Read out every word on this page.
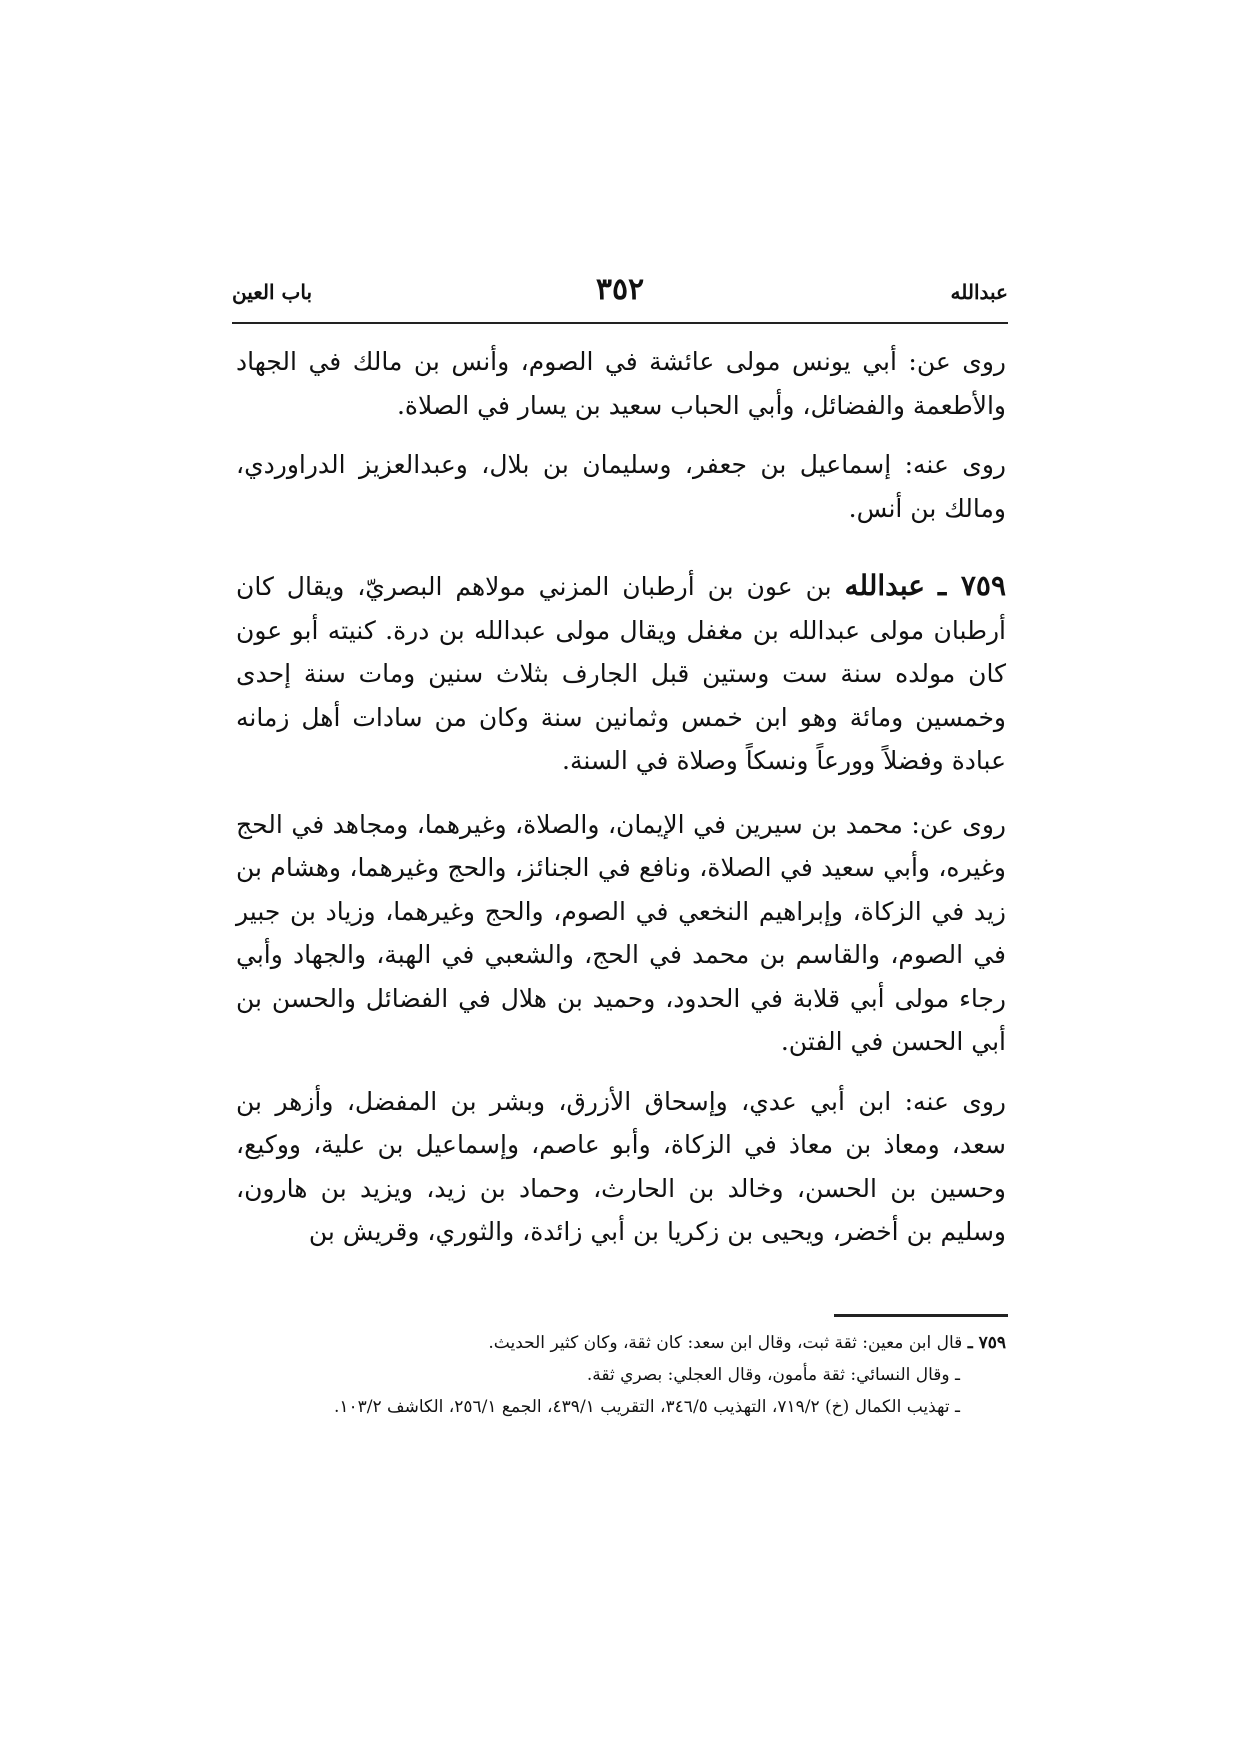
عبدالله
٣٥٢
باب العين

روى عن: أبي يونس مولى عائشة في الصوم، وأنس بن مالك في الجهاد والأطعمة والفضائل، وأبي الحباب سعيد بن يسار في الصلاة.

روى عنه: إسماعيل بن جعفر، وسليمان بن بلال، وعبدالعزيز الدراوردي، ومالك بن أنس.

٧٥٩ ـ عبدالله بن عون بن أرطبان المزني مولاهم البصريّ، ويقال كان أرطبان مولى عبدالله بن مغفل ويقال مولى عبدالله بن درة. كنيته أبو عون كان مولده سنة ست وستين قبل الجارف بثلاث سنين ومات سنة إحدى وخمسين ومائة وهو ابن خمس وثمانين سنة وكان من سادات أهل زمانه عبادة وفضلاً وورعاً ونسكاً وصلاة في السنة.

روى عن: محمد بن سيرين في الإيمان، والصلاة، وغيرهما، ومجاهد في الحج وغيره، وأبي سعيد في الصلاة، ونافع في الجنائز، والحج وغيرهما، وهشام بن زيد في الزكاة، وإبراهيم النخعي في الصوم، والحج وغيرهما، وزياد بن جبير في الصوم، والقاسم بن محمد في الحج، والشعبي في الهبة، والجهاد وأبي رجاء مولى أبي قلابة في الحدود، وحميد بن هلال في الفضائل والحسن بن أبي الحسن في الفتن.

روى عنه: ابن أبي عدي، وإسحاق الأزرق، وبشر بن المفضل، وأزهر بن سعد، ومعاذ بن معاذ في الزكاة، وأبو عاصم، وإسماعيل بن علية، ووكيع، وحسين بن الحسن، وخالد بن الحارث، وحماد بن زيد، ويزيد بن هارون، وسليم بن أخضر، ويحيى بن زكريا بن أبي زائدة، والثوري، وقريش بن

٧٥٩ ـ قال ابن معين: ثقة ثبت، وقال ابن سعد: كان ثقة، وكان كثير الحديث.

ـ وقال النسائي: ثقة مأمون، وقال العجلي: بصري ثقة.

ـ تهذيب الكمال (خ) ٧١٩/٢، التهذيب ٣٤٦/٥، التقريب ٤٣٩/١، الجمع ٢٥٦/١، الكاشف ١٠٣/٢.
